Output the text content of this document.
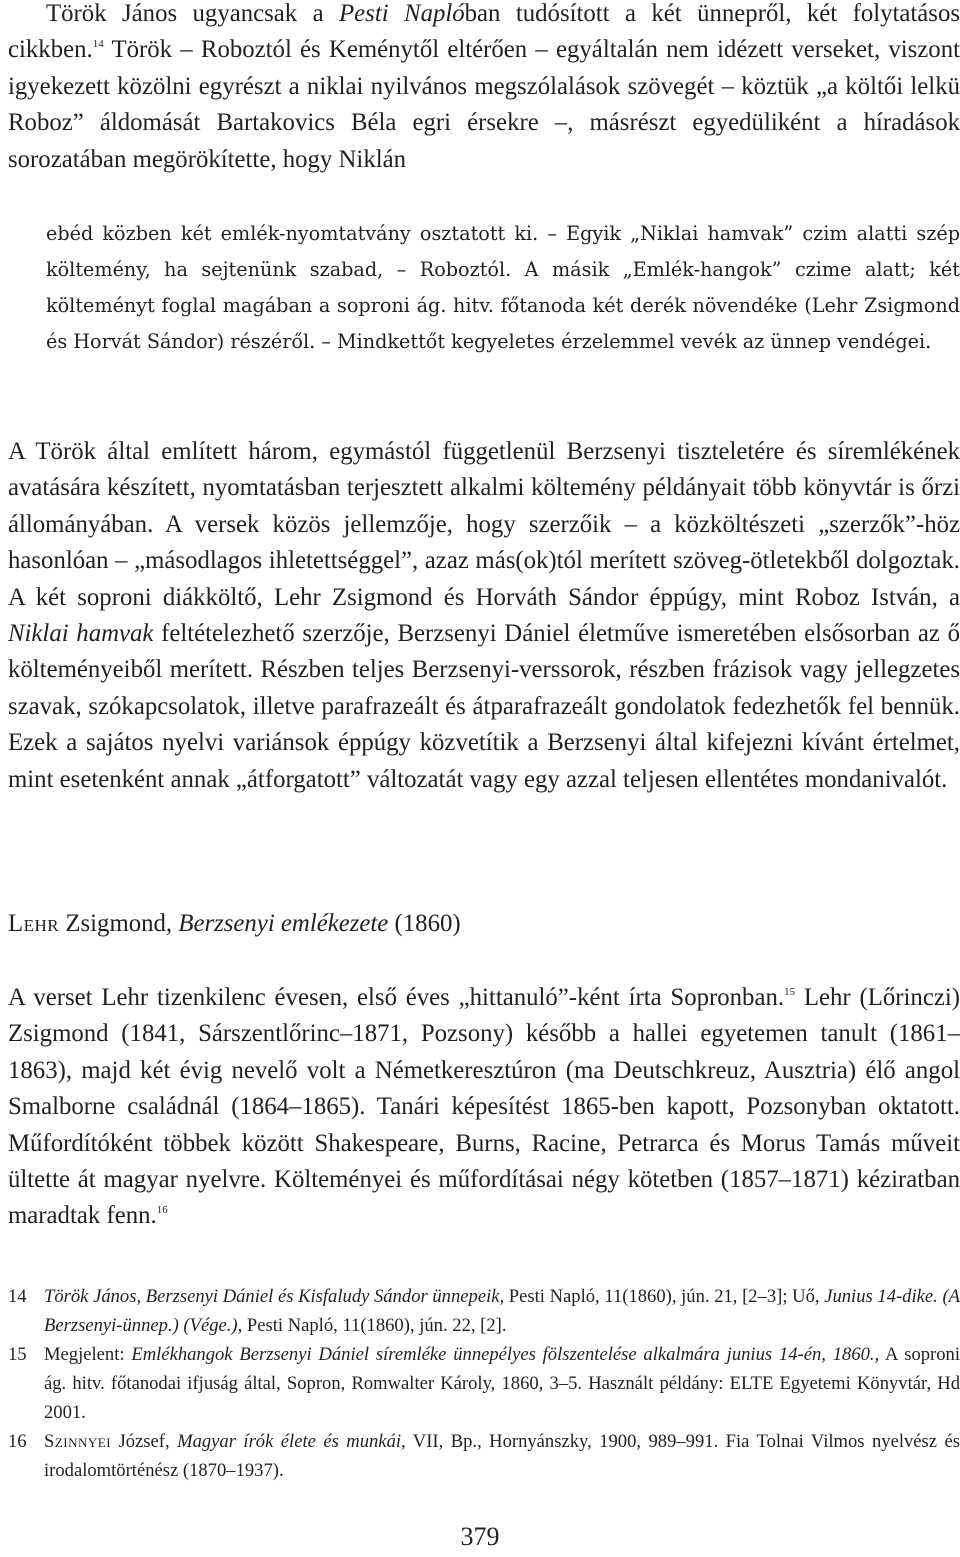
Török János ugyancsak a Pesti Naplóban tudósított a két ünnepről, két folytatásos cikkben.$^{14}$ Török – Roboztól és Keménytől eltérően – egyáltalán nem idézett verseket, viszont igyekezett közölni egyrészt a niklai nyilvános megszólalások szövegét – köztük „a költői lelkü Roboz” áldomását Bartakovics Béla egri érsekre –, másrészt egyedüliként a híradások sorozatában megörökítette, hogy Niklán

ebéd közben két emlék-nyomtatvány osztatott ki. – Egyik „Niklai hamvak” czim alatti szép költemény, ha sejtenünk szabad, – Roboztól. A másik „Emlék-hangok” czime alatt; két költeményt foglal magában a soproni ág. hitv. főtanoda két derék növendéke (Lehr Zsigmond és Horvát Sándor) részéről. – Mindkettőt kegyeletes érzelemmel vevék az ünnep vendégei.

A Török által említett három, egymástól függetlenül Berzsenyi tiszteletére és síremlékének avatására készített, nyomtatásban terjesztett alkalmi költemény példányait több könyvtár is őrzi állományában. A versek közös jellemzője, hogy szerzőik – a közköltészeti „szerzők”-höz hasonlóan – „másodlagos ihletettséggel”, azaz más(ok)tól merített szöveg-ötletekből dolgoztak. A két soproni diákköltő, Lehr Zsigmond és Horváth Sándor éppúgy, mint Roboz István, a Niklai hamvak feltételezhető szerzője, Berzsenyi Dániel életműve ismeretében elsősorban az ő költeményeiből merített. Részben teljes Berzsenyi-verssorok, részben frázisok vagy jellegzetes szavak, szókapcsolatok, illetve parafrazeált és átparafrazeált gondolatok fedezhetők fel bennük. Ezek a sajátos nyelvi variánsok éppúgy közvetítik a Berzsenyi által kifejezni kívánt értelmet, mint esetenként annak „átforgatott” változatát vagy egy azzal teljesen ellentétes mondanivalót.

Lehr Zsigmond, Berzsenyi emlékezete (1860)

A verset Lehr tizenkilenc évesen, első éves „hittanuló”-ként írta Sopronban.$^{15}$ Lehr (Lőrinczi) Zsigmond (1841, Sárszentlőrinc–1871, Pozsony) később a hallei egyetemen tanult (1861–1863), majd két évig nevelő volt a Németkeresztúron (ma Deutschkreuz, Ausztria) élő angol Smalborne családnál (1864–1865). Tanári képesítést 1865-ben kapott, Pozsonyban oktatott. Műfordítóként többek között Shakespeare, Burns, Racine, Petrarca és Morus Tamás műveit ültette át magyar nyelvre. Költeményei és műfordításai négy kötetben (1857–1871) kéziratban maradtak fenn.$^{16}$

14 Török János, Berzsenyi Dániel és Kisfaludy Sándor ünnepeik, Pesti Napló, 11(1860), jún. 21, [2–3]; Uő, Junius 14-dike. (A Berzsenyi-ünnep.) (Vége.), Pesti Napló, 11(1860), jún. 22, [2].

15 Megjelent: Emlékhangok Berzsenyi Dániel síremléke ünnepélyes fölszentelése alkalmára junius 14-én, 1860., A soproni ág. hitv. főtanodai ifjuság által, Sopron, Romwalter Károly, 1860, 3–5. Használt példány: ELTE Egyetemi Könyvtár, Hd 2001.

16 Szinnyei József, Magyar írók élete és munkái, VII, Bp., Hornyánszky, 1900, 989–991. Fia Tolnai Vilmos nyelvész és irodalomtörténész (1870–1937).

379
